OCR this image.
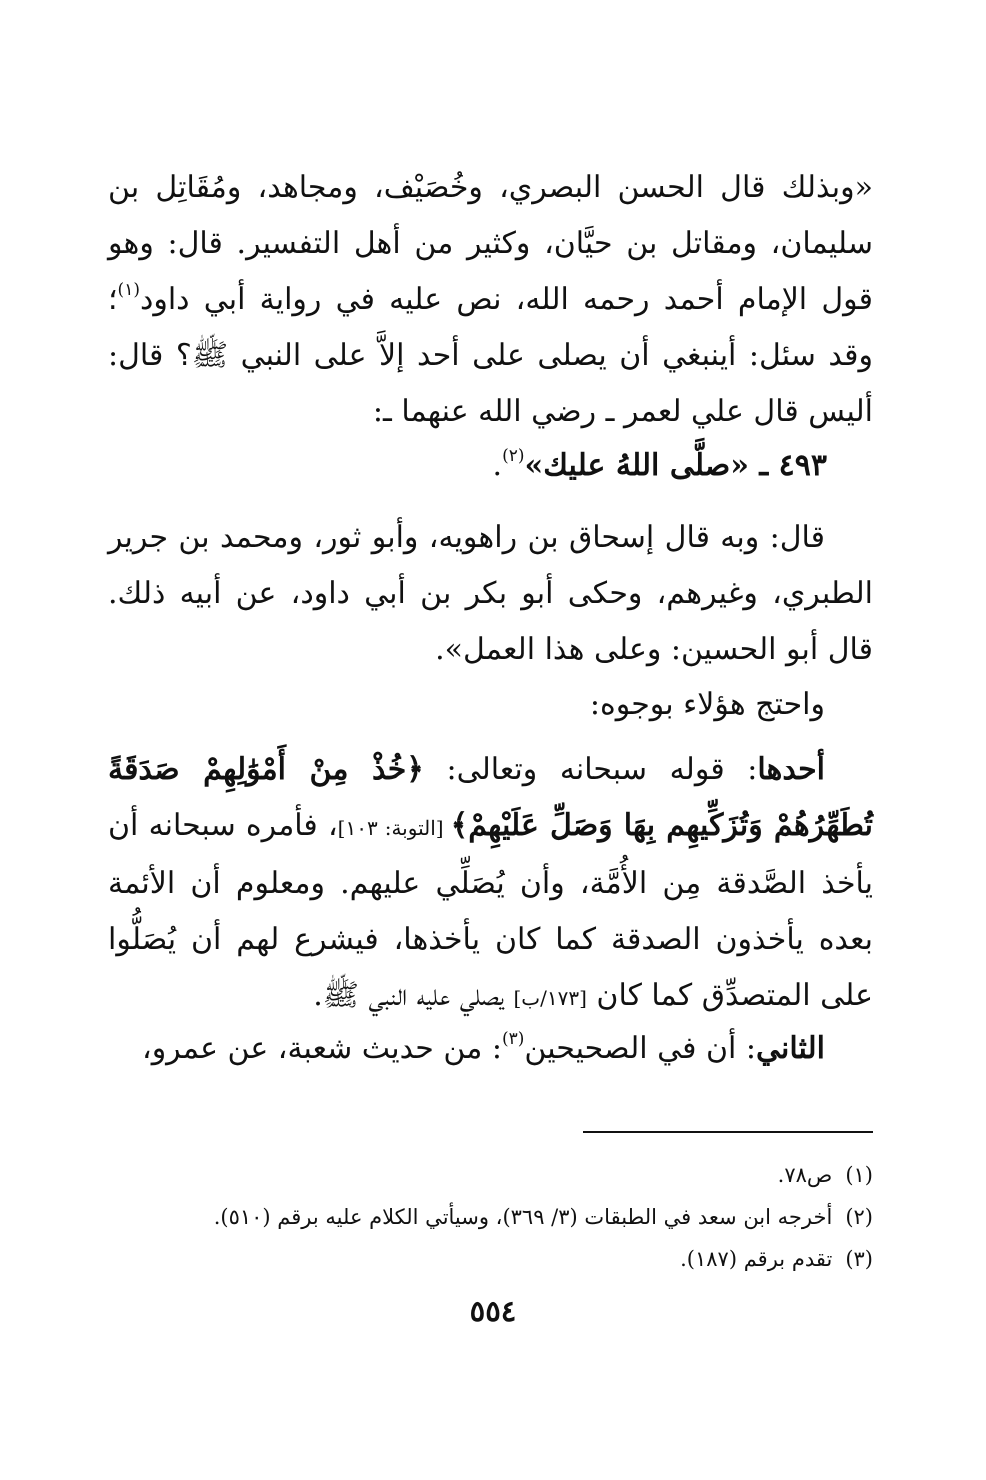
«وبذلك قال الحسن البصري، وخُصَيْف، ومجاهد، ومُقَاتِل بن سليمان، ومقاتل بن حيَّان، وكثير من أهل التفسير. قال: وهو قول الإمام أحمد رحمه الله، نص عليه في رواية أبي داود$^{(١)}$؛ وقد سئل: أينبغي أن يصلى على أحد إلاَّ على النبي ﷺ؟ قال: أليس قال علي لعمر ـ رضي الله عنهما ـ:

٤٩٣ ـ «صلَّى اللهُ عليك»$^{(٢)}$.

قال: وبه قال إسحاق بن راهويه، وأبو ثور، ومحمد بن جرير الطبري، وغيرهم، وحكى أبو بكر بن أبي داود، عن أبيه ذلك. قال أبو الحسين: وعلى هذا العمل».

واحتج هؤلاء بوجوه:

أحدها: قوله سبحانه وتعالى: ﴿خُذْ مِنْ أَمْوَٰلِهِمْ صَدَقَةً تُطَهِّرُهُمْ وَتُزَكِّيهِم بِهَا وَصَلِّ عَلَيْهِمْ﴾ [التوبة: ١٠٣]، فأمره سبحانه أن يأخذ الصَّدقة مِن الأُمَّة، وأن يُصَلِّي عليهم. ومعلوم أن الأئمة بعده يأخذون الصدقة كما كان يأخذها، فيشرع لهم أن يُصَلُّوا على المتصدِّق كما كان [١٧٣/ب] يصلي عليه النبي ﷺ.

الثاني: أن في الصحيحين$^{(٣)}$: من حديث شعبة، عن عمرو،

(١) ص٧٨.

(٢) أخرجه ابن سعد في الطبقات (٣/ ٣٦٩)، وسيأتي الكلام عليه برقم (٥١٠).

(٣) تقدم برقم (١٨٧).

٥٥٤
